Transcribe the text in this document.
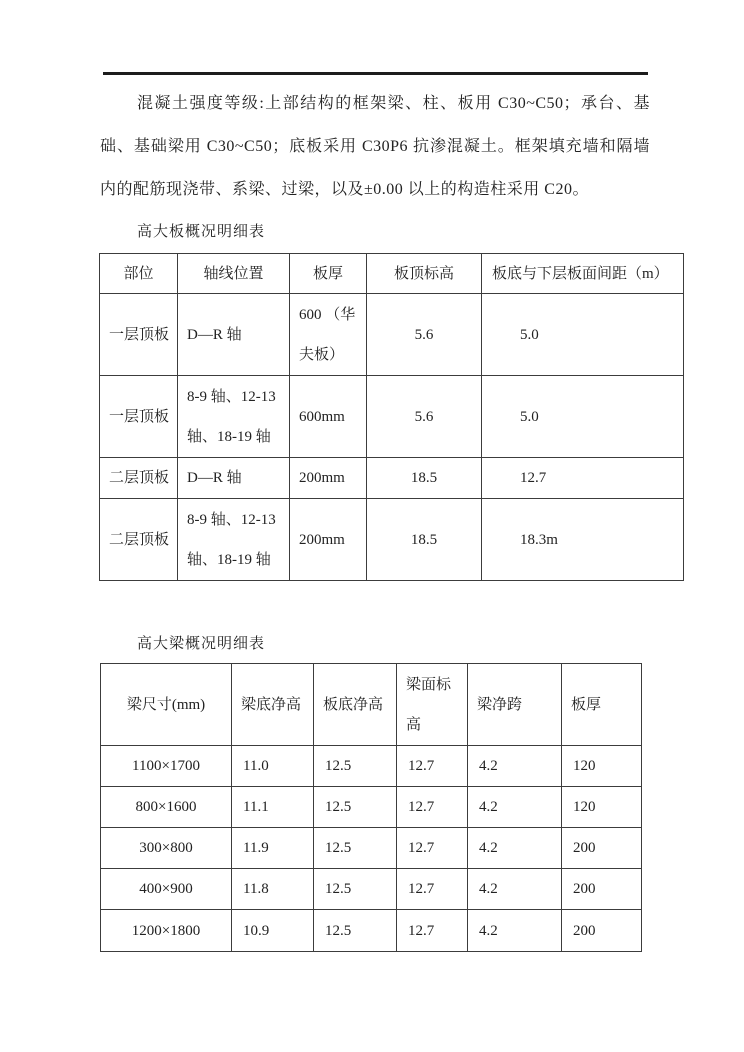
混凝土强度等级:上部结构的框架梁、柱、板用 C30~C50；承台、基础、基础梁用 C30~C50；底板采用 C30P6 抗渗混凝土。框架填充墙和隔墙内的配筋现浇带、系梁、过梁，以及±0.00 以上的构造柱采用 C20。
高大板概况明细表
部位	轴线位置	板厚	板顶标高	板底与下层板面间距（m）
一层顶板	D—R 轴	600 （华夫板）	5.6	5.0
一层顶板	8-9 轴、12-13 轴、18-19 轴	600mm	5.6	5.0
二层顶板	D—R 轴	200mm	18.5	12.7
二层顶板	8-9 轴、12-13 轴、18-19 轴	200mm	18.5	18.3m
高大梁概况明细表
梁尺寸(mm)	梁底净高	板底净高	梁面标高	梁净跨	板厚
1100×1700	11.0	12.5	12.7	4.2	120
800×1600	11.1	12.5	12.7	4.2	120
300×800	11.9	12.5	12.7	4.2	200
400×900	11.8	12.5	12.7	4.2	200
1200×1800	10.9	12.5	12.7	4.2	200
